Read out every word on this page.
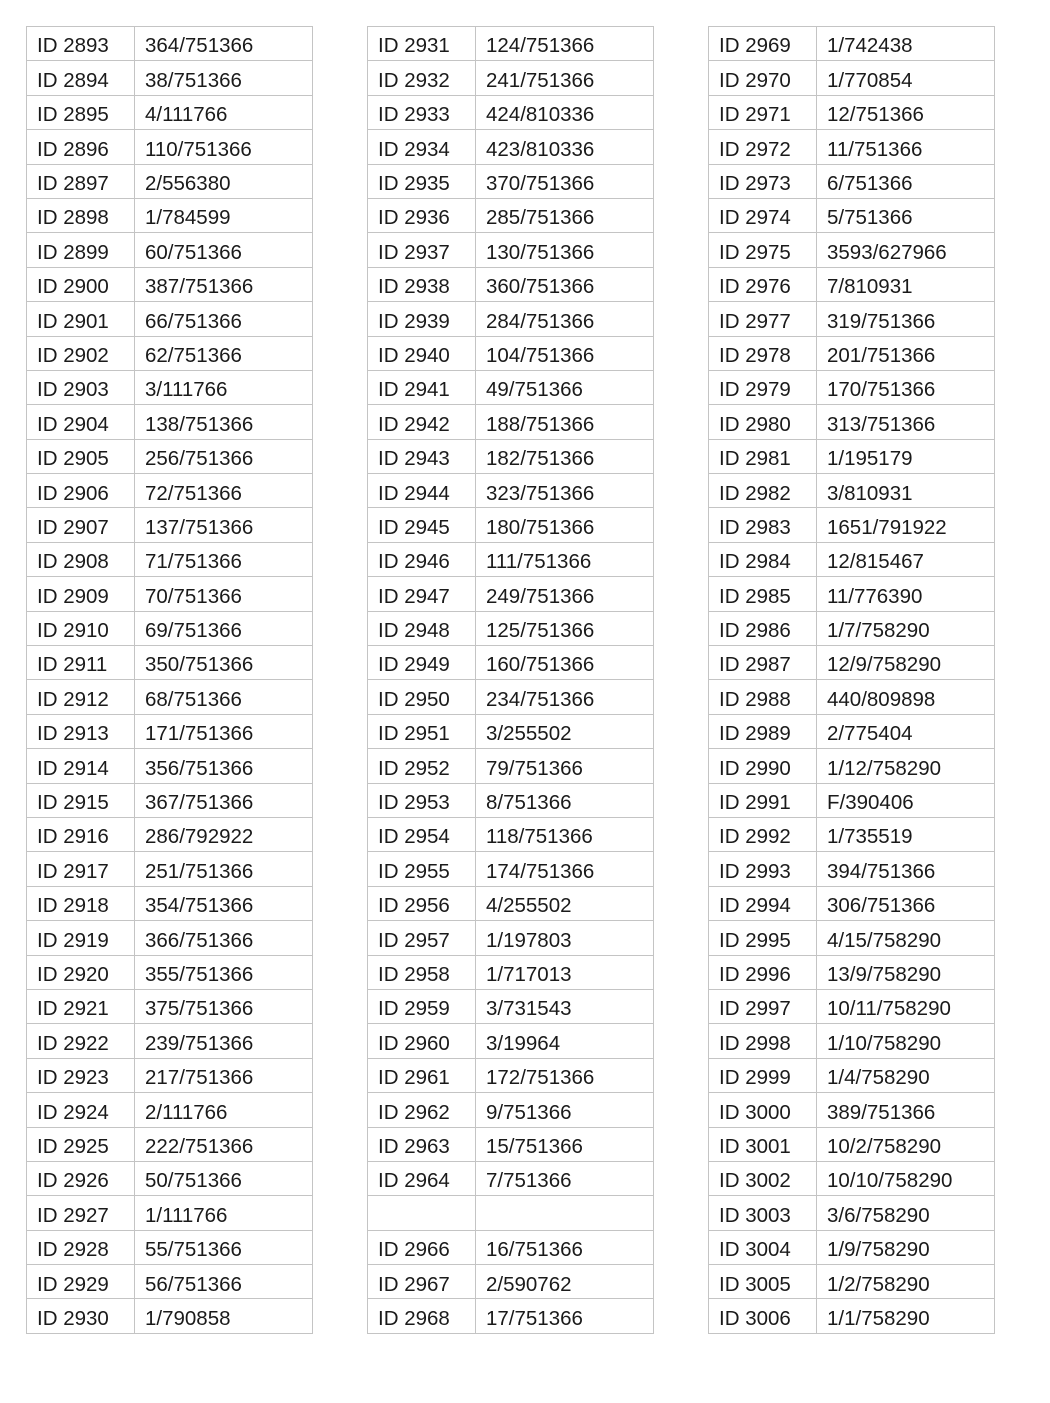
ID 2893	364/751366
ID 2894	38/751366
ID 2895	4/111766
ID 2896	110/751366
ID 2897	2/556380
ID 2898	1/784599
ID 2899	60/751366
ID 2900	387/751366
ID 2901	66/751366
ID 2902	62/751366
ID 2903	3/111766
ID 2904	138/751366
ID 2905	256/751366
ID 2906	72/751366
ID 2907	137/751366
ID 2908	71/751366
ID 2909	70/751366
ID 2910	69/751366
ID 2911	350/751366
ID 2912	68/751366
ID 2913	171/751366
ID 2914	356/751366
ID 2915	367/751366
ID 2916	286/792922
ID 2917	251/751366
ID 2918	354/751366
ID 2919	366/751366
ID 2920	355/751366
ID 2921	375/751366
ID 2922	239/751366
ID 2923	217/751366
ID 2924	2/111766
ID 2925	222/751366
ID 2926	50/751366
ID 2927	1/111766
ID 2928	55/751366
ID 2929	56/751366
ID 2930	1/790858
ID 2931	124/751366
ID 2932	241/751366
ID 2933	424/810336
ID 2934	423/810336
ID 2935	370/751366
ID 2936	285/751366
ID 2937	130/751366
ID 2938	360/751366
ID 2939	284/751366
ID 2940	104/751366
ID 2941	49/751366
ID 2942	188/751366
ID 2943	182/751366
ID 2944	323/751366
ID 2945	180/751366
ID 2946	111/751366
ID 2947	249/751366
ID 2948	125/751366
ID 2949	160/751366
ID 2950	234/751366
ID 2951	3/255502
ID 2952	79/751366
ID 2953	8/751366
ID 2954	118/751366
ID 2955	174/751366
ID 2956	4/255502
ID 2957	1/197803
ID 2958	1/717013
ID 2959	3/731543
ID 2960	3/19964
ID 2961	172/751366
ID 2962	9/751366
ID 2963	15/751366
ID 2964	7/751366

ID 2966	16/751366
ID 2967	2/590762
ID 2968	17/751366
ID 2969	1/742438
ID 2970	1/770854
ID 2971	12/751366
ID 2972	11/751366
ID 2973	6/751366
ID 2974	5/751366
ID 2975	3593/627966
ID 2976	7/810931
ID 2977	319/751366
ID 2978	201/751366
ID 2979	170/751366
ID 2980	313/751366
ID 2981	1/195179
ID 2982	3/810931
ID 2983	1651/791922
ID 2984	12/815467
ID 2985	11/776390
ID 2986	1/7/758290
ID 2987	12/9/758290
ID 2988	440/809898
ID 2989	2/775404
ID 2990	1/12/758290
ID 2991	F/390406
ID 2992	1/735519
ID 2993	394/751366
ID 2994	306/751366
ID 2995	4/15/758290
ID 2996	13/9/758290
ID 2997	10/11/758290
ID 2998	1/10/758290
ID 2999	1/4/758290
ID 3000	389/751366
ID 3001	10/2/758290
ID 3002	10/10/758290
ID 3003	3/6/758290
ID 3004	1/9/758290
ID 3005	1/2/758290
ID 3006	1/1/758290
